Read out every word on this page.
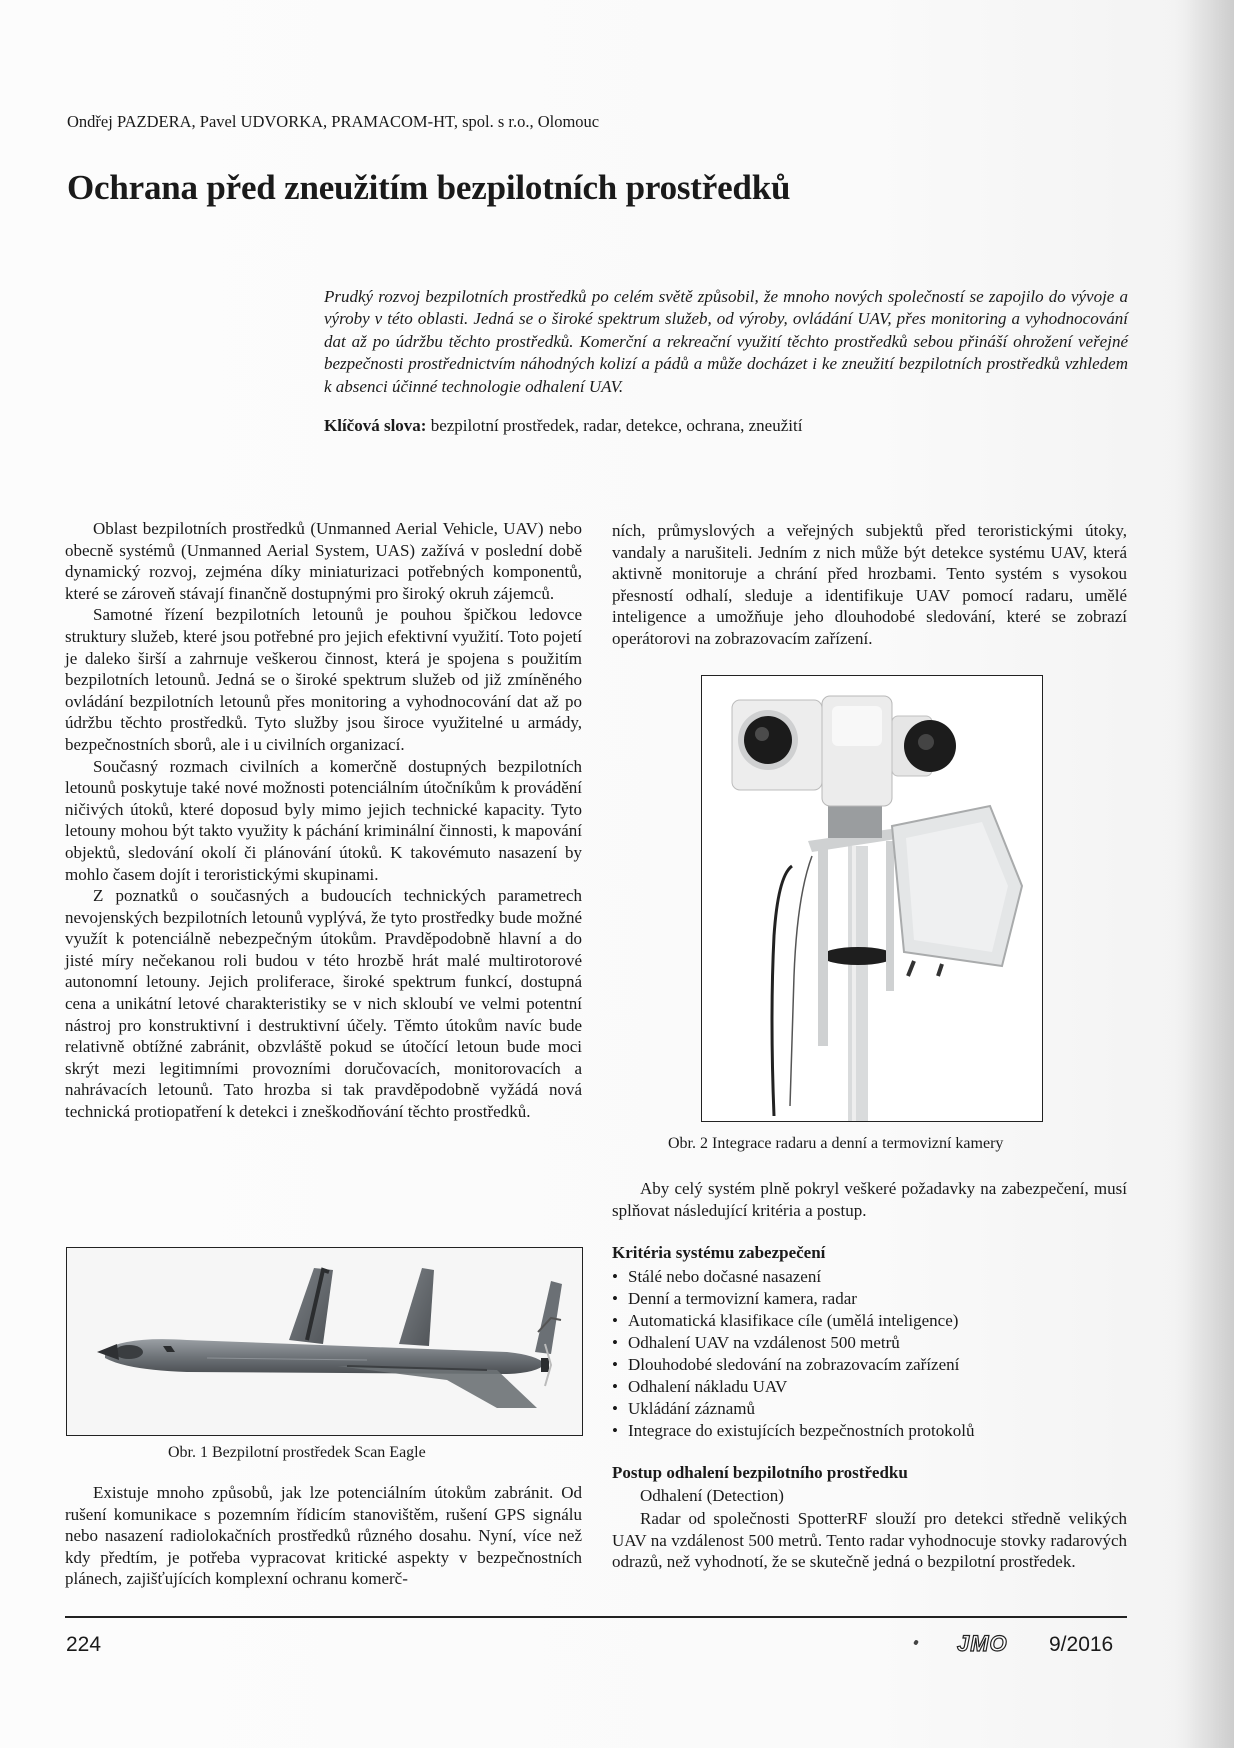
Ondřej PAZDERA, Pavel UDVORKA, PRAMACOM-HT, spol. s r.o., Olomouc
Ochrana před zneužitím bezpilotních prostředků

Prudký rozvoj bezpilotních prostředků po celém světě způsobil, že mnoho nových společností se zapojilo do vývoje a výroby v této oblasti. Jedná se o široké spektrum služeb, od výroby, ovládání UAV, přes monitoring a vyhodnocování dat až po údržbu těchto prostředků. Komerční a rekreační využití těchto prostředků sebou přináší ohrožení veřejné bezpečnosti prostřednictvím náhodných kolizí a pádů a může docházet i ke zneužití bezpilotních prostředků vzhledem k absenci účinné technologie odhalení UAV.

Klíčová slova: bezpilotní prostředek, radar, detekce, ochrana, zneužití

Oblast bezpilotních prostředků (Unmanned Aerial Vehicle, UAV) nebo obecně systémů (Unmanned Aerial System, UAS) zažívá v poslední době dynamický rozvoj, zejména díky miniaturizaci potřebných komponentů, které se zároveň stávají finančně dostupnými pro široký okruh zájemců.

Samotné řízení bezpilotních letounů je pouhou špičkou ledovce struktury služeb, které jsou potřebné pro jejich efektivní využití. Toto pojetí je daleko širší a zahrnuje veškerou činnost, která je spojena s použitím bezpilotních letounů. Jedná se o široké spektrum služeb od již zmíněného ovládání bezpilotních letounů přes monitoring a vyhodnocování dat až po údržbu těchto prostředků. Tyto služby jsou široce využitelné u armády, bezpečnostních sborů, ale i u civilních organizací.

Současný rozmach civilních a komerčně dostupných bezpilotních letounů poskytuje také nové možnosti potenciálním útočníkům k provádění ničivých útoků, které doposud byly mimo jejich technické kapacity. Tyto letouny mohou být takto využity k páchání kriminální činnosti, k mapování objektů, sledování okolí či plánování útoků. K takovémuto nasazení by mohlo časem dojít i teroristickými skupinami.

Z poznatků o současných a budoucích technických parametrech nevojenských bezpilotních letounů vyplývá, že tyto prostředky bude možné využít k potenciálně nebezpečným útokům. Pravděpodobně hlavní a do jisté míry nečekanou roli budou v této hrozbě hrát malé multirotorové autonomní letouny. Jejich proliferace, široké spektrum funkcí, dostupná cena a unikátní letové charakteristiky se v nich skloubí ve velmi potentní nástroj pro konstruktivní i destruktivní účely. Těmto útokům navíc bude relativně obtížné zabránit, obzvláště pokud se útočící letoun bude moci skrýt mezi legitimními provozními doručovacích, monitorovacích a nahrávacích letounů. Tato hrozba si tak pravděpodobně vyžádá nová technická protiopatření k detekci i zneškodňování těchto prostředků.

Obr. 1 Bezpilotní prostředek Scan Eagle

Existuje mnoho způsobů, jak lze potenciálním útokům zabránit. Od rušení komunikace s pozemním řídicím stanovištěm, rušení GPS signálu nebo nasazení radiolokačních prostředků různého dosahu. Nyní, více než kdy předtím, je potřeba vypracovat kritické aspekty v bezpečnostních plánech, zajišťujících komplexní ochranu komerč-

ních, průmyslových a veřejných subjektů před teroristickými útoky, vandaly a narušiteli. Jedním z nich může být detekce systému UAV, která aktivně monitoruje a chrání před hrozbami. Tento systém s vysokou přesností odhalí, sleduje a identifikuje UAV pomocí radaru, umělé inteligence a umožňuje jeho dlouhodobé sledování, které se zobrazí operátorovi na zobrazovacím zařízení.

Obr. 2 Integrace radaru a denní a termovizní kamery

Aby celý systém plně pokryl veškeré požadavky na zabezpečení, musí splňovat následující kritéria a postup.

Kritéria systému zabezpečení
• Stálé nebo dočasné nasazení
• Denní a termovizní kamera, radar
• Automatická klasifikace cíle (umělá inteligence)
• Odhalení UAV na vzdálenost 500 metrů
• Dlouhodobé sledování na zobrazovacím zařízení
• Odhalení nákladu UAV
• Ukládání záznamů
• Integrace do existujících bezpečnostních protokolů
Postup odhalení bezpilotního prostředku
Odhalení (Detection)

Radar od společnosti SpotterRF slouží pro detekci středně velikých UAV na vzdálenost 500 metrů. Tento radar vyhodnocuje stovky radarových odrazů, než vyhodnotí, že se skutečně jedná o bezpilotní prostředek.

224	JMO 9/2016
